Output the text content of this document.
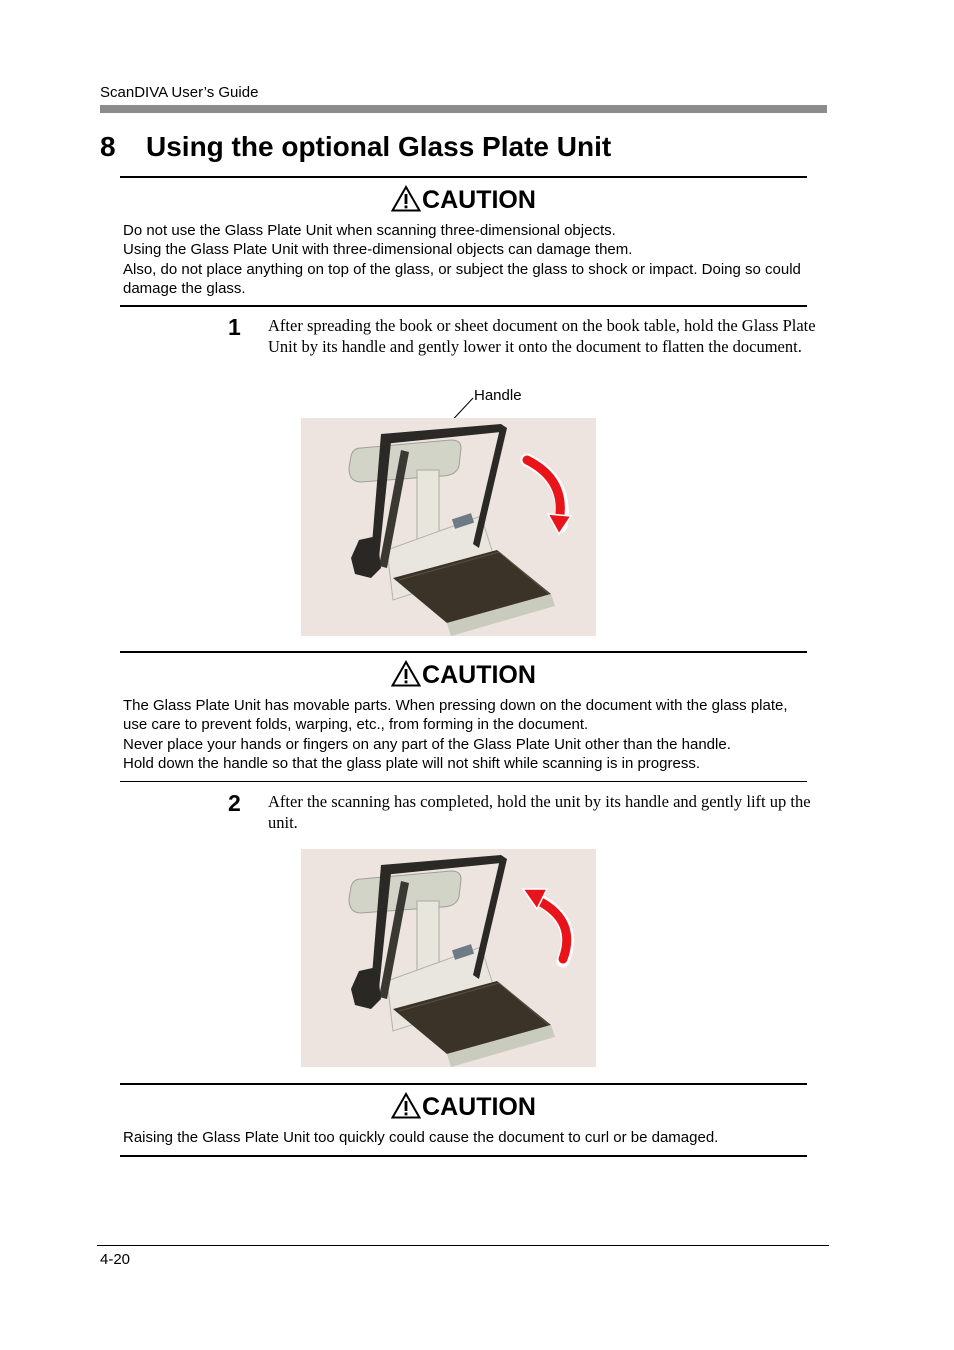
ScanDIVA User’s Guide
8 Using the optional Glass Plate Unit
CAUTION

Do not use the Glass Plate Unit when scanning three-dimensional objects.

Using the Glass Plate Unit with three-dimensional objects can damage them.

Also, do not place anything on top of the glass, or subject the glass to shock or impact. Doing so could damage the glass.

1 After spreading the book or sheet document on the book table, hold the Glass Plate Unit by its handle and gently lower it onto the document to flatten the document.
Handle
CAUTION

The Glass Plate Unit has movable parts. When pressing down on the document with the glass plate, use care to prevent folds, warping, etc., from forming in the document.

Never place your hands or fingers on any part of the Glass Plate Unit other than the handle.

Hold down the handle so that the glass plate will not shift while scanning is in progress.

2 After the scanning has completed, hold the unit by its handle and gently lift up the unit.
CAUTION

Raising the Glass Plate Unit too quickly could cause the document to curl or be damaged.

4-20
